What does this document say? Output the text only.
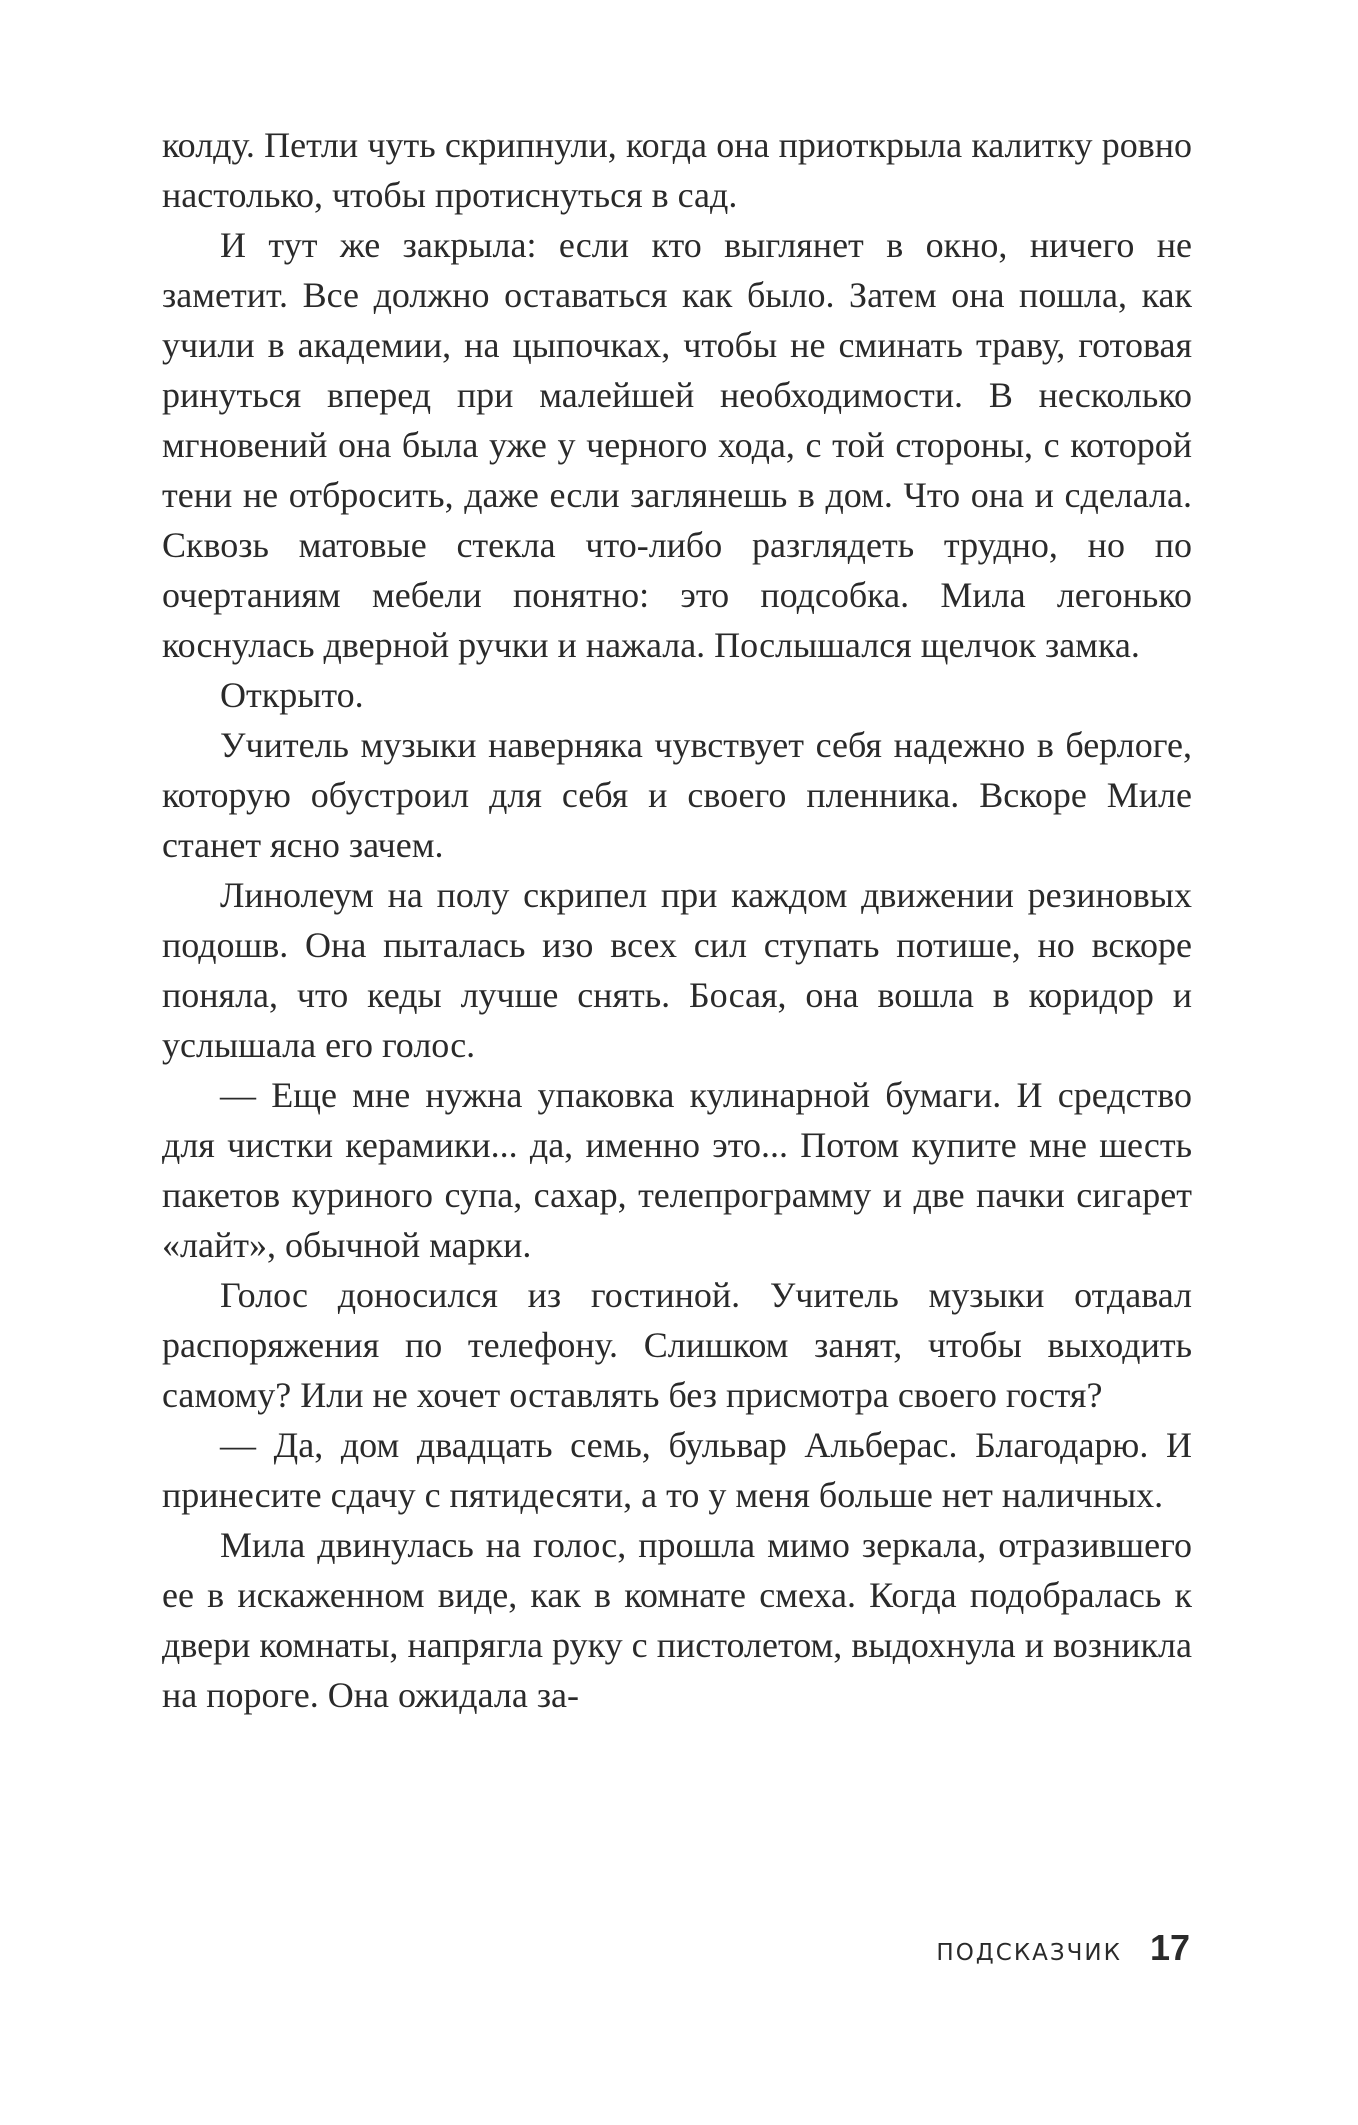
колду. Петли чуть скрипнули, когда она приоткрыла калитку ровно настолько, чтобы протиснуться в сад.

И тут же закрыла: если кто выглянет в окно, ничего не заметит. Все должно оставаться как было. Затем она пошла, как учили в академии, на цыпочках, чтобы не сминать траву, готовая ринуться вперед при малейшей необходимости. В несколько мгновений она была уже у черного хода, с той стороны, с которой тени не отбросить, даже если заглянешь в дом. Что она и сделала. Сквозь матовые стекла что-либо разглядеть трудно, но по очертаниям мебели понятно: это подсобка. Мила легонько коснулась дверной ручки и нажала. Послышался щелчок замка.

Открыто.

Учитель музыки наверняка чувствует себя надежно в берлоге, которую обустроил для себя и своего пленника. Вскоре Миле станет ясно зачем.

Линолеум на полу скрипел при каждом движении резиновых подошв. Она пыталась изо всех сил ступать потише, но вскоре поняла, что кеды лучше снять. Босая, она вошла в коридор и услышала его голос.

— Еще мне нужна упаковка кулинарной бумаги. И средство для чистки керамики... да, именно это... Потом купите мне шесть пакетов куриного супа, сахар, телепрограмму и две пачки сигарет «лайт», обычной марки.

Голос доносился из гостиной. Учитель музыки отдавал распоряжения по телефону. Слишком занят, чтобы выходить самому? Или не хочет оставлять без присмотра своего гостя?

— Да, дом двадцать семь, бульвар Альберас. Благодарю. И принесите сдачу с пятидесяти, а то у меня больше нет наличных.

Мила двинулась на голос, прошла мимо зеркала, отразившего ее в искаженном виде, как в комнате смеха. Когда подобралась к двери комнаты, напрягла руку с пистолетом, выдохнула и возникла на пороге. Она ожидала за-

ПОДСКАЗЧИК 17
